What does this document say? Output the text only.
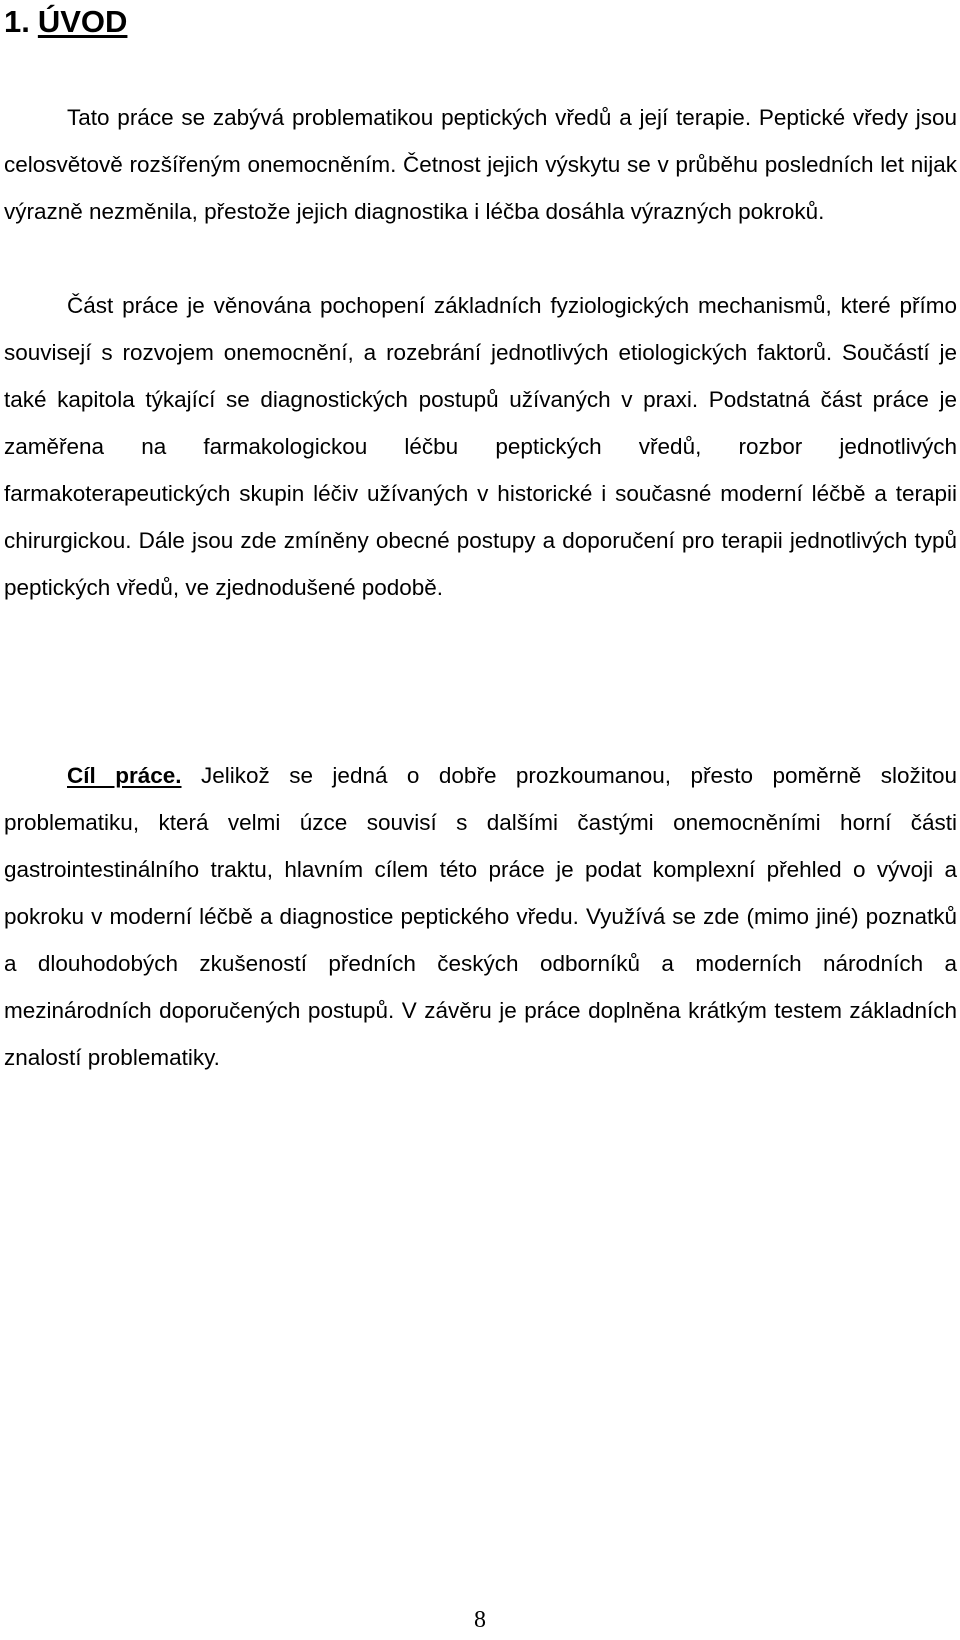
1. ÚVOD

Tato práce se zabývá problematikou peptických vředů a její terapie. Peptické vředy jsou celosvětově rozšířeným onemocněním. Četnost jejich výskytu se v průběhu posledních let nijak výrazně nezměnila, přestože jejich diagnostika i léčba dosáhla výrazných pokroků.

Část práce je věnována pochopení základních fyziologických mechanismů, které přímo souvisejí s rozvojem onemocnění, a rozebrání jednotlivých etiologických faktorů. Součástí je také kapitola týkající se diagnostických postupů užívaných v praxi. Podstatná část práce je zaměřena na farmakologickou léčbu peptických vředů, rozbor jednotlivých farmakoterapeutických skupin léčiv užívaných v historické i současné moderní léčbě a terapii chirurgickou. Dále jsou zde zmíněny obecné postupy a doporučení pro terapii jednotlivých typů peptických vředů, ve zjednodušené podobě.

Cíl práce. Jelikož se jedná o dobře prozkoumanou, přesto poměrně složitou problematiku, která velmi úzce souvisí s dalšími častými onemocněními horní části gastrointestinálního traktu, hlavním cílem této práce je podat komplexní přehled o vývoji a pokroku v moderní léčbě a diagnostice peptického vředu. Využívá se zde (mimo jiné) poznatků a dlouhodobých zkušeností předních českých odborníků a moderních národních a mezinárodních doporučených postupů. V závěru je práce doplněna krátkým testem základních znalostí problematiky.

8
